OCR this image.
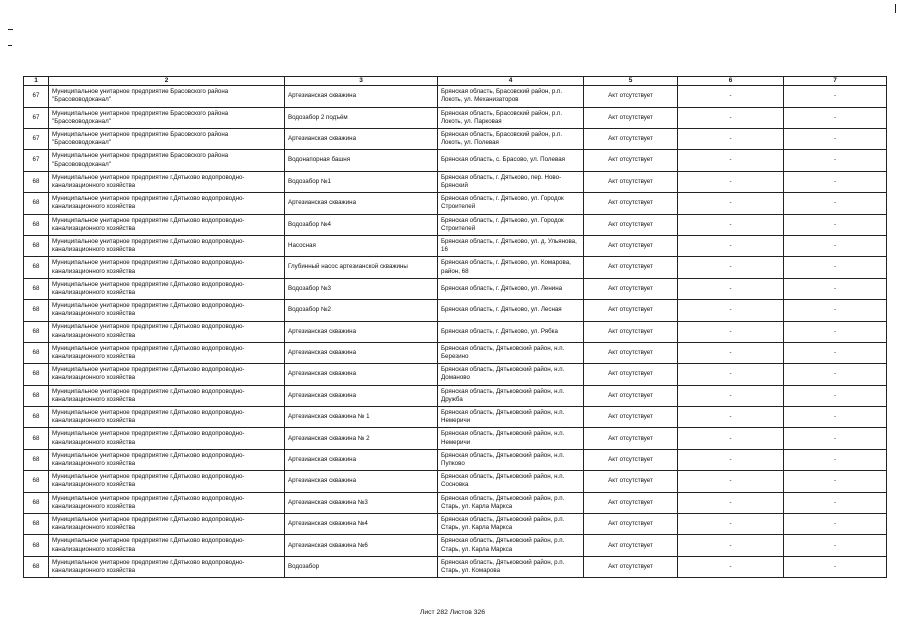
1	2	3	4	5	6	7
67	Муниципальное унитарное предприятие Брасовского района "Брасововодоканал"	Артезианская скважина	Брянская область, Брасовский район, р.п. Локоть, ул. Механизаторов	Акт отсутствует	-	-
67	Муниципальное унитарное предприятие Брасовского района "Брасововодоканал"	Водозабор 2 подъём	Брянская область, Брасовский район, р.п. Локоть, ул. Парковая	Акт отсутствует	-	-
67	Муниципальное унитарное предприятие Брасовского района "Брасововодоканал"	Артезианская скважина	Брянская область, Брасовский район, р.п. Локоть, ул. Полевая	Акт отсутствует	-	-
67	Муниципальное унитарное предприятие Брасовского района "Брасововодоканал"	Водонапорная башня	Брянская область, с. Брасово, ул. Полевая	Акт отсутствует	-	-
68	Муниципальное унитарное предприятие г.Дятьково водопроводно-канализационного хозяйства	Водозабор №1	Брянская область, г. Дятьково, пер. Ново-Брянский	Акт отсутствует	-	-
68	Муниципальное унитарное предприятие г.Дятьково водопроводно-канализационного хозяйства	Артезианская скважина	Брянская область, г. Дятьково, ул. Городок Строителей	Акт отсутствует	-	-
68	Муниципальное унитарное предприятие г.Дятьково водопроводно-канализационного хозяйства	Водозабор №4	Брянская область, г. Дятьково, ул. Городок Строителей	Акт отсутствует	-	-
68	Муниципальное унитарное предприятие г.Дятьково водопроводно-канализационного хозяйства	Насосная	Брянская область, г. Дятьково, ул. д. Ульянова, 16	Акт отсутствует	-	-
68	Муниципальное унитарное предприятие г.Дятьково водопроводно-канализационного хозяйства	Глубинный насос артезианской скважины	Брянская область, г. Дятьково, ул. Комарова, район, 68	Акт отсутствует	-	-
68	Муниципальное унитарное предприятие г.Дятьково водопроводно-канализационного хозяйства	Водозабор №3	Брянская область, г. Дятьково, ул. Ленина	Акт отсутствует	-	-
68	Муниципальное унитарное предприятие г.Дятьково водопроводно-канализационного хозяйства	Водозабор №2	Брянская область, г. Дятьково, ул. Лесная	Акт отсутствует	-	-
68	Муниципальное унитарное предприятие г.Дятьково водопроводно-канализационного хозяйства	Артезианская скважина	Брянская область, г. Дятьково, ул. Рябка	Акт отсутствует	-	-
68	Муниципальное унитарное предприятие г.Дятьково водопроводно-канализационного хозяйства	Артезианская скважина	Брянская область, Дятьковский район, н.п. Березино	Акт отсутствует	-	-
68	Муниципальное унитарное предприятие г.Дятьково водопроводно-канализационного хозяйства	Артезианская скважина	Брянская область, Дятьковский район, н.п. Доманово	Акт отсутствует	-	-
68	Муниципальное унитарное предприятие г.Дятьково водопроводно-канализационного хозяйства	Артезианская скважина	Брянская область, Дятьковский район, н.п. Дружба	Акт отсутствует	-	-
68	Муниципальное унитарное предприятие г.Дятьково водопроводно-канализационного хозяйства	Артезианская скважина № 1	Брянская область, Дятьковский район, н.п. Немеричи	Акт отсутствует	-	-
68	Муниципальное унитарное предприятие г.Дятьково водопроводно-канализационного хозяйства	Артезианская скважина № 2	Брянская область, Дятьковский район, н.п. Немеричи	Акт отсутствует	-	-
68	Муниципальное унитарное предприятие г.Дятьково водопроводно-канализационного хозяйства	Артезианская скважина	Брянская область, Дятьковский район, н.п. Пупково	Акт отсутствует	-	-
68	Муниципальное унитарное предприятие г.Дятьково водопроводно-канализационного хозяйства	Артезианская скважина	Брянская область, Дятьковский район, н.п. Сосновка	Акт отсутствует	-	-
68	Муниципальное унитарное предприятие г.Дятьково водопроводно-канализационного хозяйства	Артезианская скважина №3	Брянская область, Дятьковский район, р.п. Старь, ул. Карла Маркса	Акт отсутствует	-	-
68	Муниципальное унитарное предприятие г.Дятьково водопроводно-канализационного хозяйства	Артезианская скважина №4	Брянская область, Дятьковский район, р.п. Старь, ул. Карла Маркса	Акт отсутствует	-	-
68	Муниципальное унитарное предприятие г.Дятьково водопроводно-канализационного хозяйства	Артезианская скважина №6	Брянская область, Дятьковский район, р.п. Старь, ул. Карла Маркса	Акт отсутствует	-	-
68	Муниципальное унитарное предприятие г.Дятьково водопроводно-канализационного хозяйства	Водозабор	Брянская область, Дятьковский район, р.п. Старь, ул. Комарова	Акт отсутствует	-	-
Лист 282 Листов 326
